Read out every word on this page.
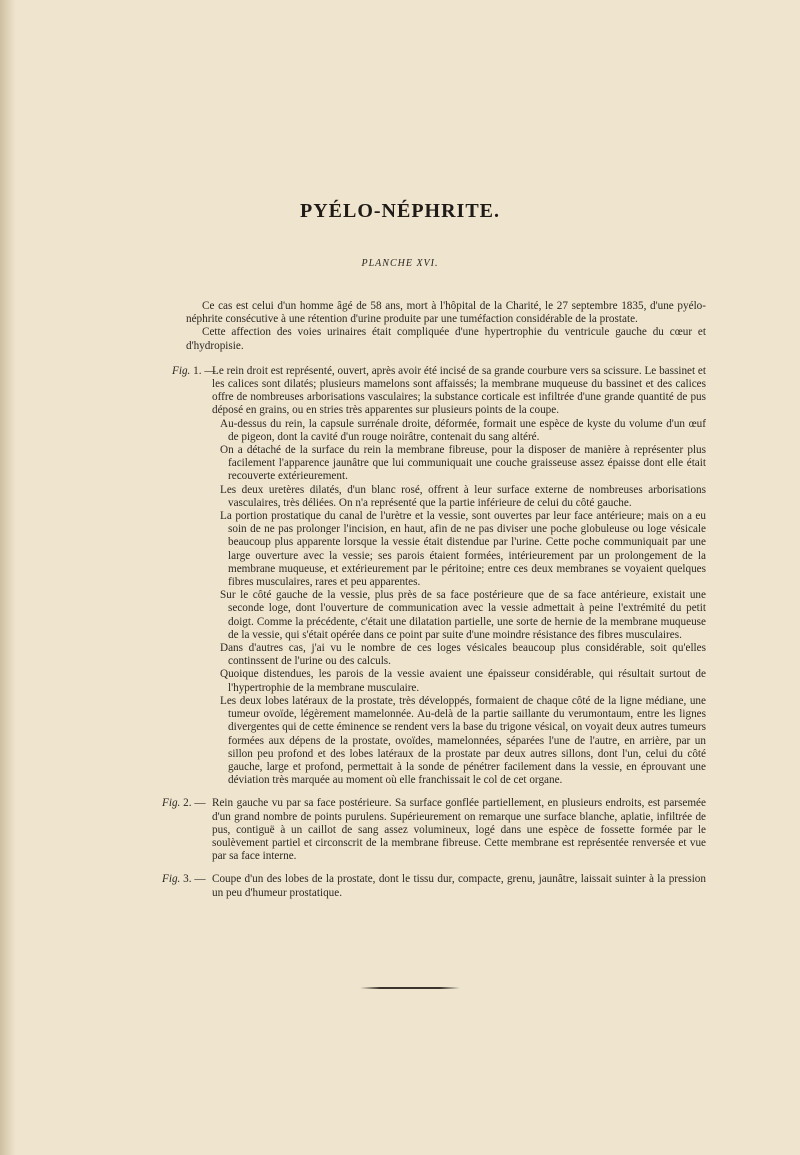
PYÉLO-NÉPHRITE.
PLANCHE XVI.

Ce cas est celui d'un homme âgé de 58 ans, mort à l'hôpital de la Charité, le 27 septembre 1835, d'une pyélo-néphrite consécutive à une rétention d'urine produite par une tuméfaction considérable de la prostate.

Cette affection des voies urinaires était compliquée d'une hypertrophie du ventricule gauche du cœur et d'hydropisie.

Fig. 1. —

Le rein droit est représenté, ouvert, après avoir été incisé de sa grande courbure vers sa scissure. Le bassinet et les calices sont dilatés; plusieurs mamelons sont affaissés; la membrane muqueuse du bassinet et des calices offre de nombreuses arborisations vasculaires; la substance corticale est infiltrée d'une grande quantité de pus déposé en grains, ou en stries très apparentes sur plusieurs points de la coupe.

Au-dessus du rein, la capsule surrénale droite, déformée, formait une espèce de kyste du volume d'un œuf de pigeon, dont la cavité d'un rouge noirâtre, contenait du sang altéré.

On a détaché de la surface du rein la membrane fibreuse, pour la disposer de manière à représenter plus facilement l'apparence jaunâtre que lui communiquait une couche graisseuse assez épaisse dont elle était recouverte extérieurement.

Les deux uretères dilatés, d'un blanc rosé, offrent à leur surface externe de nombreuses arborisations vasculaires, très déliées. On n'a représenté que la partie inférieure de celui du côté gauche.

La portion prostatique du canal de l'urètre et la vessie, sont ouvertes par leur face antérieure; mais on a eu soin de ne pas prolonger l'incision, en haut, afin de ne pas diviser une poche globuleuse ou loge vésicale beaucoup plus apparente lorsque la vessie était distendue par l'urine. Cette poche communiquait par une large ouverture avec la vessie; ses parois étaient formées, intérieurement par un prolongement de la membrane muqueuse, et extérieurement par le péritoine; entre ces deux membranes se voyaient quelques fibres musculaires, rares et peu apparentes.

Sur le côté gauche de la vessie, plus près de sa face postérieure que de sa face antérieure, existait une seconde loge, dont l'ouverture de communication avec la vessie admettait à peine l'extrémité du petit doigt. Comme la précédente, c'était une dilatation partielle, une sorte de hernie de la membrane muqueuse de la vessie, qui s'était opérée dans ce point par suite d'une moindre résistance des fibres musculaires.

Dans d'autres cas, j'ai vu le nombre de ces loges vésicales beaucoup plus considérable, soit qu'elles continssent de l'urine ou des calculs.

Quoique distendues, les parois de la vessie avaient une épaisseur considérable, qui résultait surtout de l'hypertrophie de la membrane musculaire.

Les deux lobes latéraux de la prostate, très développés, formaient de chaque côté de la ligne médiane, une tumeur ovoïde, légèrement mamelonnée. Au-delà de la partie saillante du verumontaum, entre les lignes divergentes qui de cette éminence se rendent vers la base du trigone vésical, on voyait deux autres tumeurs formées aux dépens de la prostate, ovoïdes, mamelonnées, séparées l'une de l'autre, en arrière, par un sillon peu profond et des lobes latéraux de la prostate par deux autres sillons, dont l'un, celui du côté gauche, large et profond, permettait à la sonde de pénétrer facilement dans la vessie, en éprouvant une déviation très marquée au moment où elle franchissait le col de cet organe.

Fig. 2. — Rein gauche vu par sa face postérieure. Sa surface gonflée partiellement, en plusieurs endroits, est parsemée d'un grand nombre de points purulens. Supérieurement on remarque une surface blanche, aplatie, infiltrée de pus, contiguë à un caillot de sang assez volumineux, logé dans une espèce de fossette formée par le soulèvement partiel et circonscrit de la membrane fibreuse. Cette membrane est représentée renversée et vue par sa face interne.

Fig. 3. — Coupe d'un des lobes de la prostate, dont le tissu dur, compacte, grenu, jaunâtre, laissait suinter à la pression un peu d'humeur prostatique.
